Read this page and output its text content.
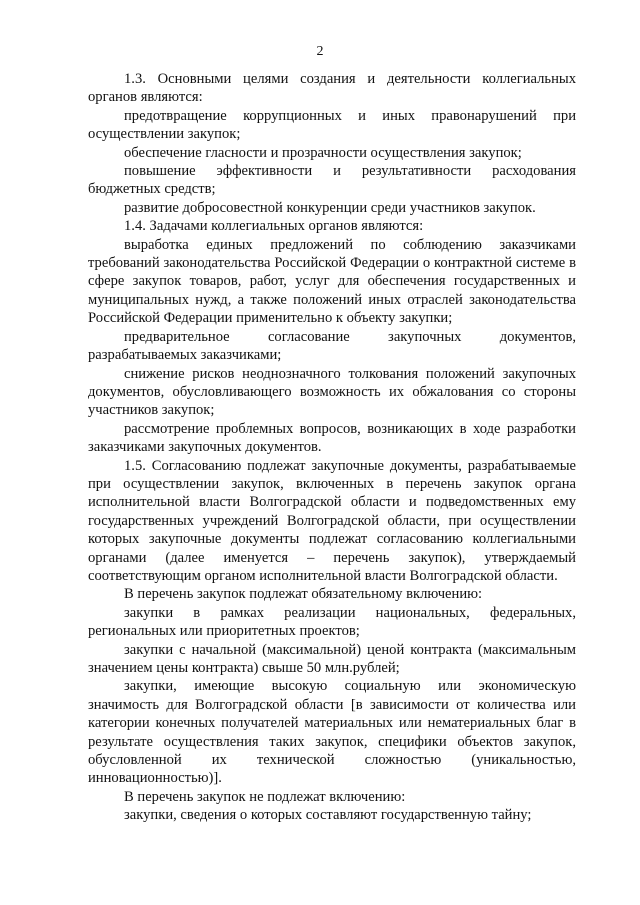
2

1.3. Основными целями создания и деятельности коллегиальных органов являются:

предотвращение коррупционных и иных правонарушений при осуществлении закупок;

обеспечение гласности и прозрачности осуществления закупок;

повышение эффективности и результативности расходования бюджетных средств;

развитие добросовестной конкуренции среди участников закупок.

1.4. Задачами коллегиальных органов являются:

выработка единых предложений по соблюдению заказчиками требований законодательства Российской Федерации о контрактной системе в сфере закупок товаров, работ, услуг для обеспечения государственных и муниципальных нужд, а также положений иных отраслей законодательства Российской Федерации применительно к объекту закупки;

предварительное согласование закупочных документов, разрабатываемых заказчиками;

снижение рисков неоднозначного толкования положений закупочных документов, обусловливающего возможность их обжалования со стороны участников закупок;

рассмотрение проблемных вопросов, возникающих в ходе разработки заказчиками закупочных документов.

1.5. Согласованию подлежат закупочные документы, разрабатываемые при осуществлении закупок, включенных в перечень закупок органа исполнительной власти Волгоградской области и подведомственных ему государственных учреждений Волгоградской области, при осуществлении которых закупочные документы подлежат согласованию коллегиальными органами (далее именуется – перечень закупок), утверждаемый соответствующим органом исполнительной власти Волгоградской области.

В перечень закупок подлежат обязательному включению:

закупки в рамках реализации национальных, федеральных, региональных или приоритетных проектов;

закупки с начальной (максимальной) ценой контракта (максимальным значением цены контракта) свыше 50 млн.рублей;

закупки, имеющие высокую социальную или экономическую значимость для Волгоградской области [в зависимости от количества или категории конечных получателей материальных или нематериальных благ в результате осуществления таких закупок, специфики объектов закупок, обусловленной их технической сложностью (уникальностью, инновационностью)].

В перечень закупок не подлежат включению:

закупки, сведения о которых составляют государственную тайну;
